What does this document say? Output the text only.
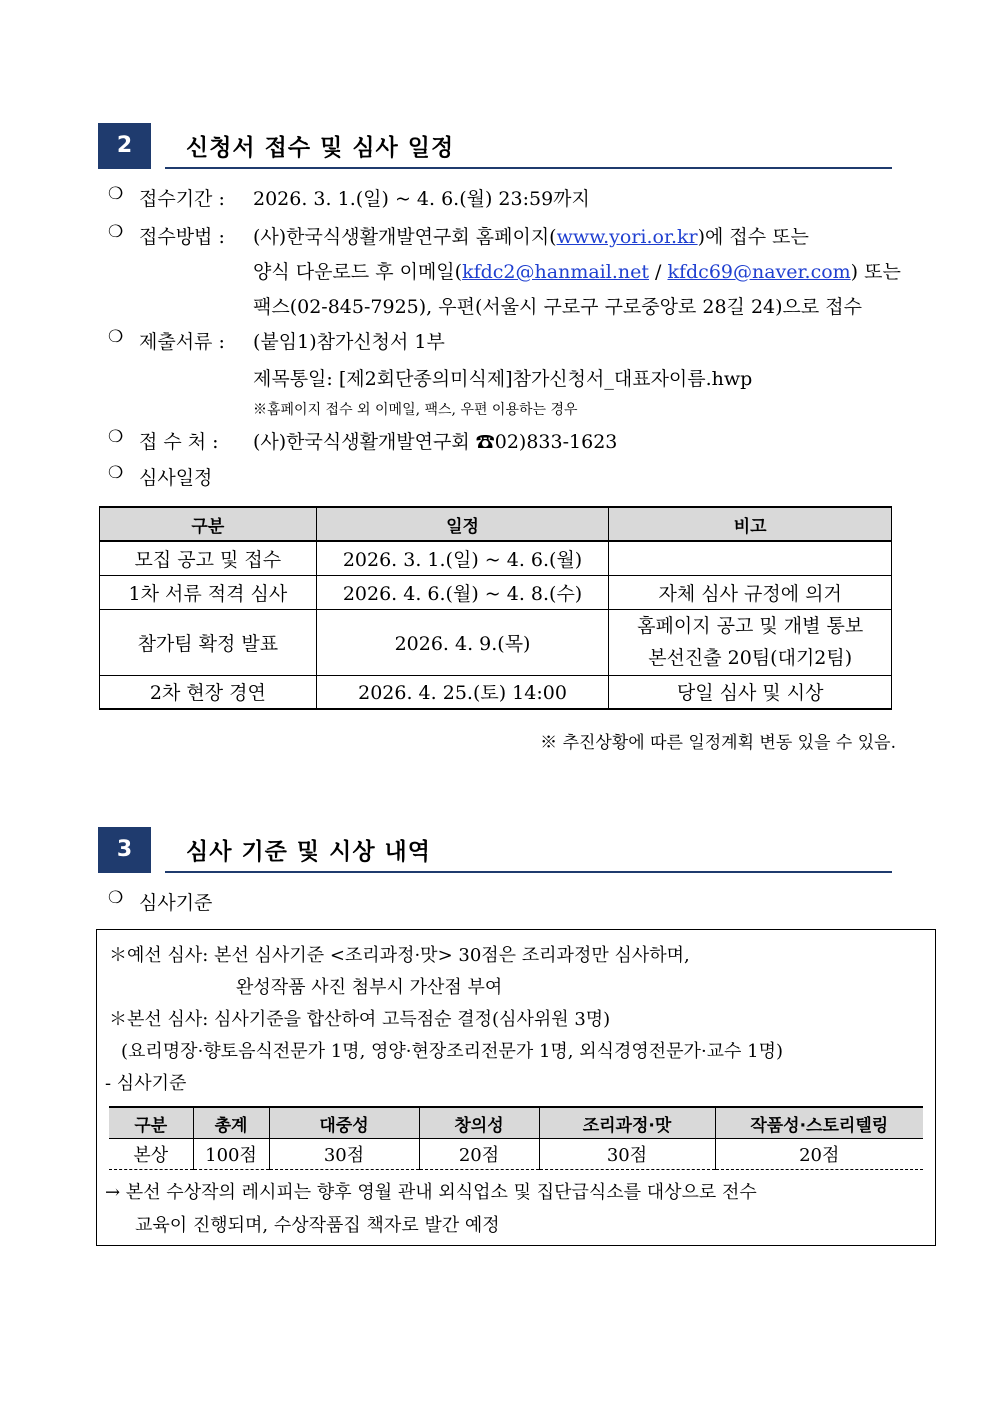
2	신청서 접수 및 심사 일정
❍ 접수기간 : 2026. 3. 1.(일) ~ 4. 6.(월) 23:59까지
❍ 접수방법 : (사)한국식생활개발연구회 홈페이지(www.yori.or.kr)에 접수 또는
양식 다운로드 후 이메일(kfdc2@hanmail.net / kfdc69@naver.com) 또는
팩스(02-845-7925), 우편(서울시 구로구 구로중앙로 28길 24)으로 접수
❍ 제출서류 : (붙임1)참가신청서 1부
제목통일: [제2회단종의미식제]참가신청서_대표자이름.hwp
※홈페이지 접수 외 이메일, 팩스, 우편 이용하는 경우
❍ 접 수 처 : (사)한국식생활개발연구회 ☎02)833-1623
❍ 심사일정
구분	일정	비고
모집 공고 및 접수	2026. 3. 1.(일) ~ 4. 6.(월)	
1차 서류 적격 심사	2026. 4. 6.(월) ~ 4. 8.(수)	자체 심사 규정에 의거
참가팀 확정 발표	2026. 4. 9.(목)	홈페이지 공고 및 개별 통보
본선진출 20팀(대기2팀)

2차 현장 경연	2026. 4. 25.(토) 14:00	당일 심사 및 시상
※ 추진상황에 따른 일정계획 변동 있을 수 있음.
3	심사 기준 및 시상 내역
❍ 심사기준
＊예선 심사: 본선 심사기준 <조리과정·맛> 30점은 조리과정만 심사하며,
완성작품 사진 첨부시 가산점 부여
＊본선 심사: 심사기준을 합산하여 고득점순 결정(심사위원 3명)
(요리명장·향토음식전문가 1명, 영양·현장조리전문가 1명, 외식경영전문가·교수 1명)
- 심사기준
구분	총계	대중성	창의성	조리과정·맛	작품성·스토리텔링
본상	100점	30점	20점	30점	20점
→ 본선 수상작의 레시피는 향후 영월 관내 외식업소 및 집단급식소를 대상으로 전수
교육이 진행되며, 수상작품집 책자로 발간 예정
